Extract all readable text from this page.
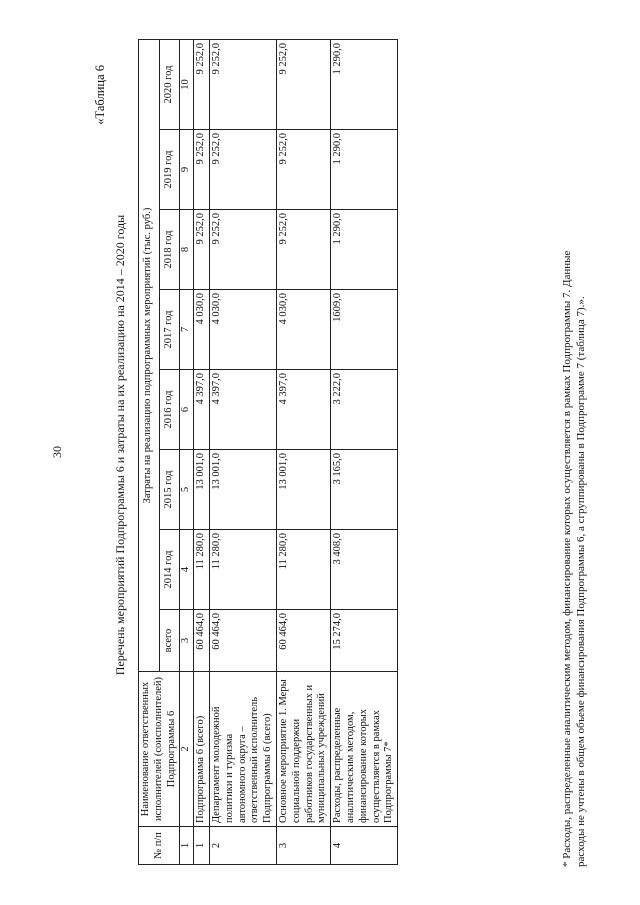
30
«Таблица 6
Перечень мероприятий Подпрограммы 6 и затраты на их реализацию на 2014 – 2020 годы
№ п/п	Наименование ответственных исполнителей (соисполнителей) Подпрограммы 6	Затраты на реализацию подпрограммных мероприятий (тыс. руб.)							
		всего	2014 год	2015 год	2016 год	2017 год	2018 год	2019 год	2020 год
1	2	3	4	5	6	7	8	9	10
1	Подпрограмма 6 (всего)	60 464,0	11 280,0	13 001,0	4 397,0	4 030,0	9 252,0	9 252,0	9 252,0
2	Департамент молодежной политики и туризма автономного округа – ответственный исполнитель Подпрограммы 6 (всего)	60 464,0	11 280,0	13 001,0	4 397,0	4 030,0	9 252,0	9 252,0	9 252,0
3	Основное мероприятие 1. Меры социальной поддержки работников государственных и муниципальных учреждений	60 464,0	11 280,0	13 001,0	4 397,0	4 030,0	9 252,0	9 252,0	9 252,0
4	Расходы, распределенные аналитическим методом, финансирование которых осуществляется в рамках Подпрограммы 7*	15 274,0	3 408,0	3 165,0	3 222,0	1609,0	1 290,0	1 290,0	1 290,0

* Расходы, распределенные аналитическим методом, финансирование которых осуществляется в рамках Подпрограммы 7. Данные расходы не учтены в общем объеме финансирования Подпрограммы 6, а сгруппированы в Подпрограмме 7 (таблица 7).».
